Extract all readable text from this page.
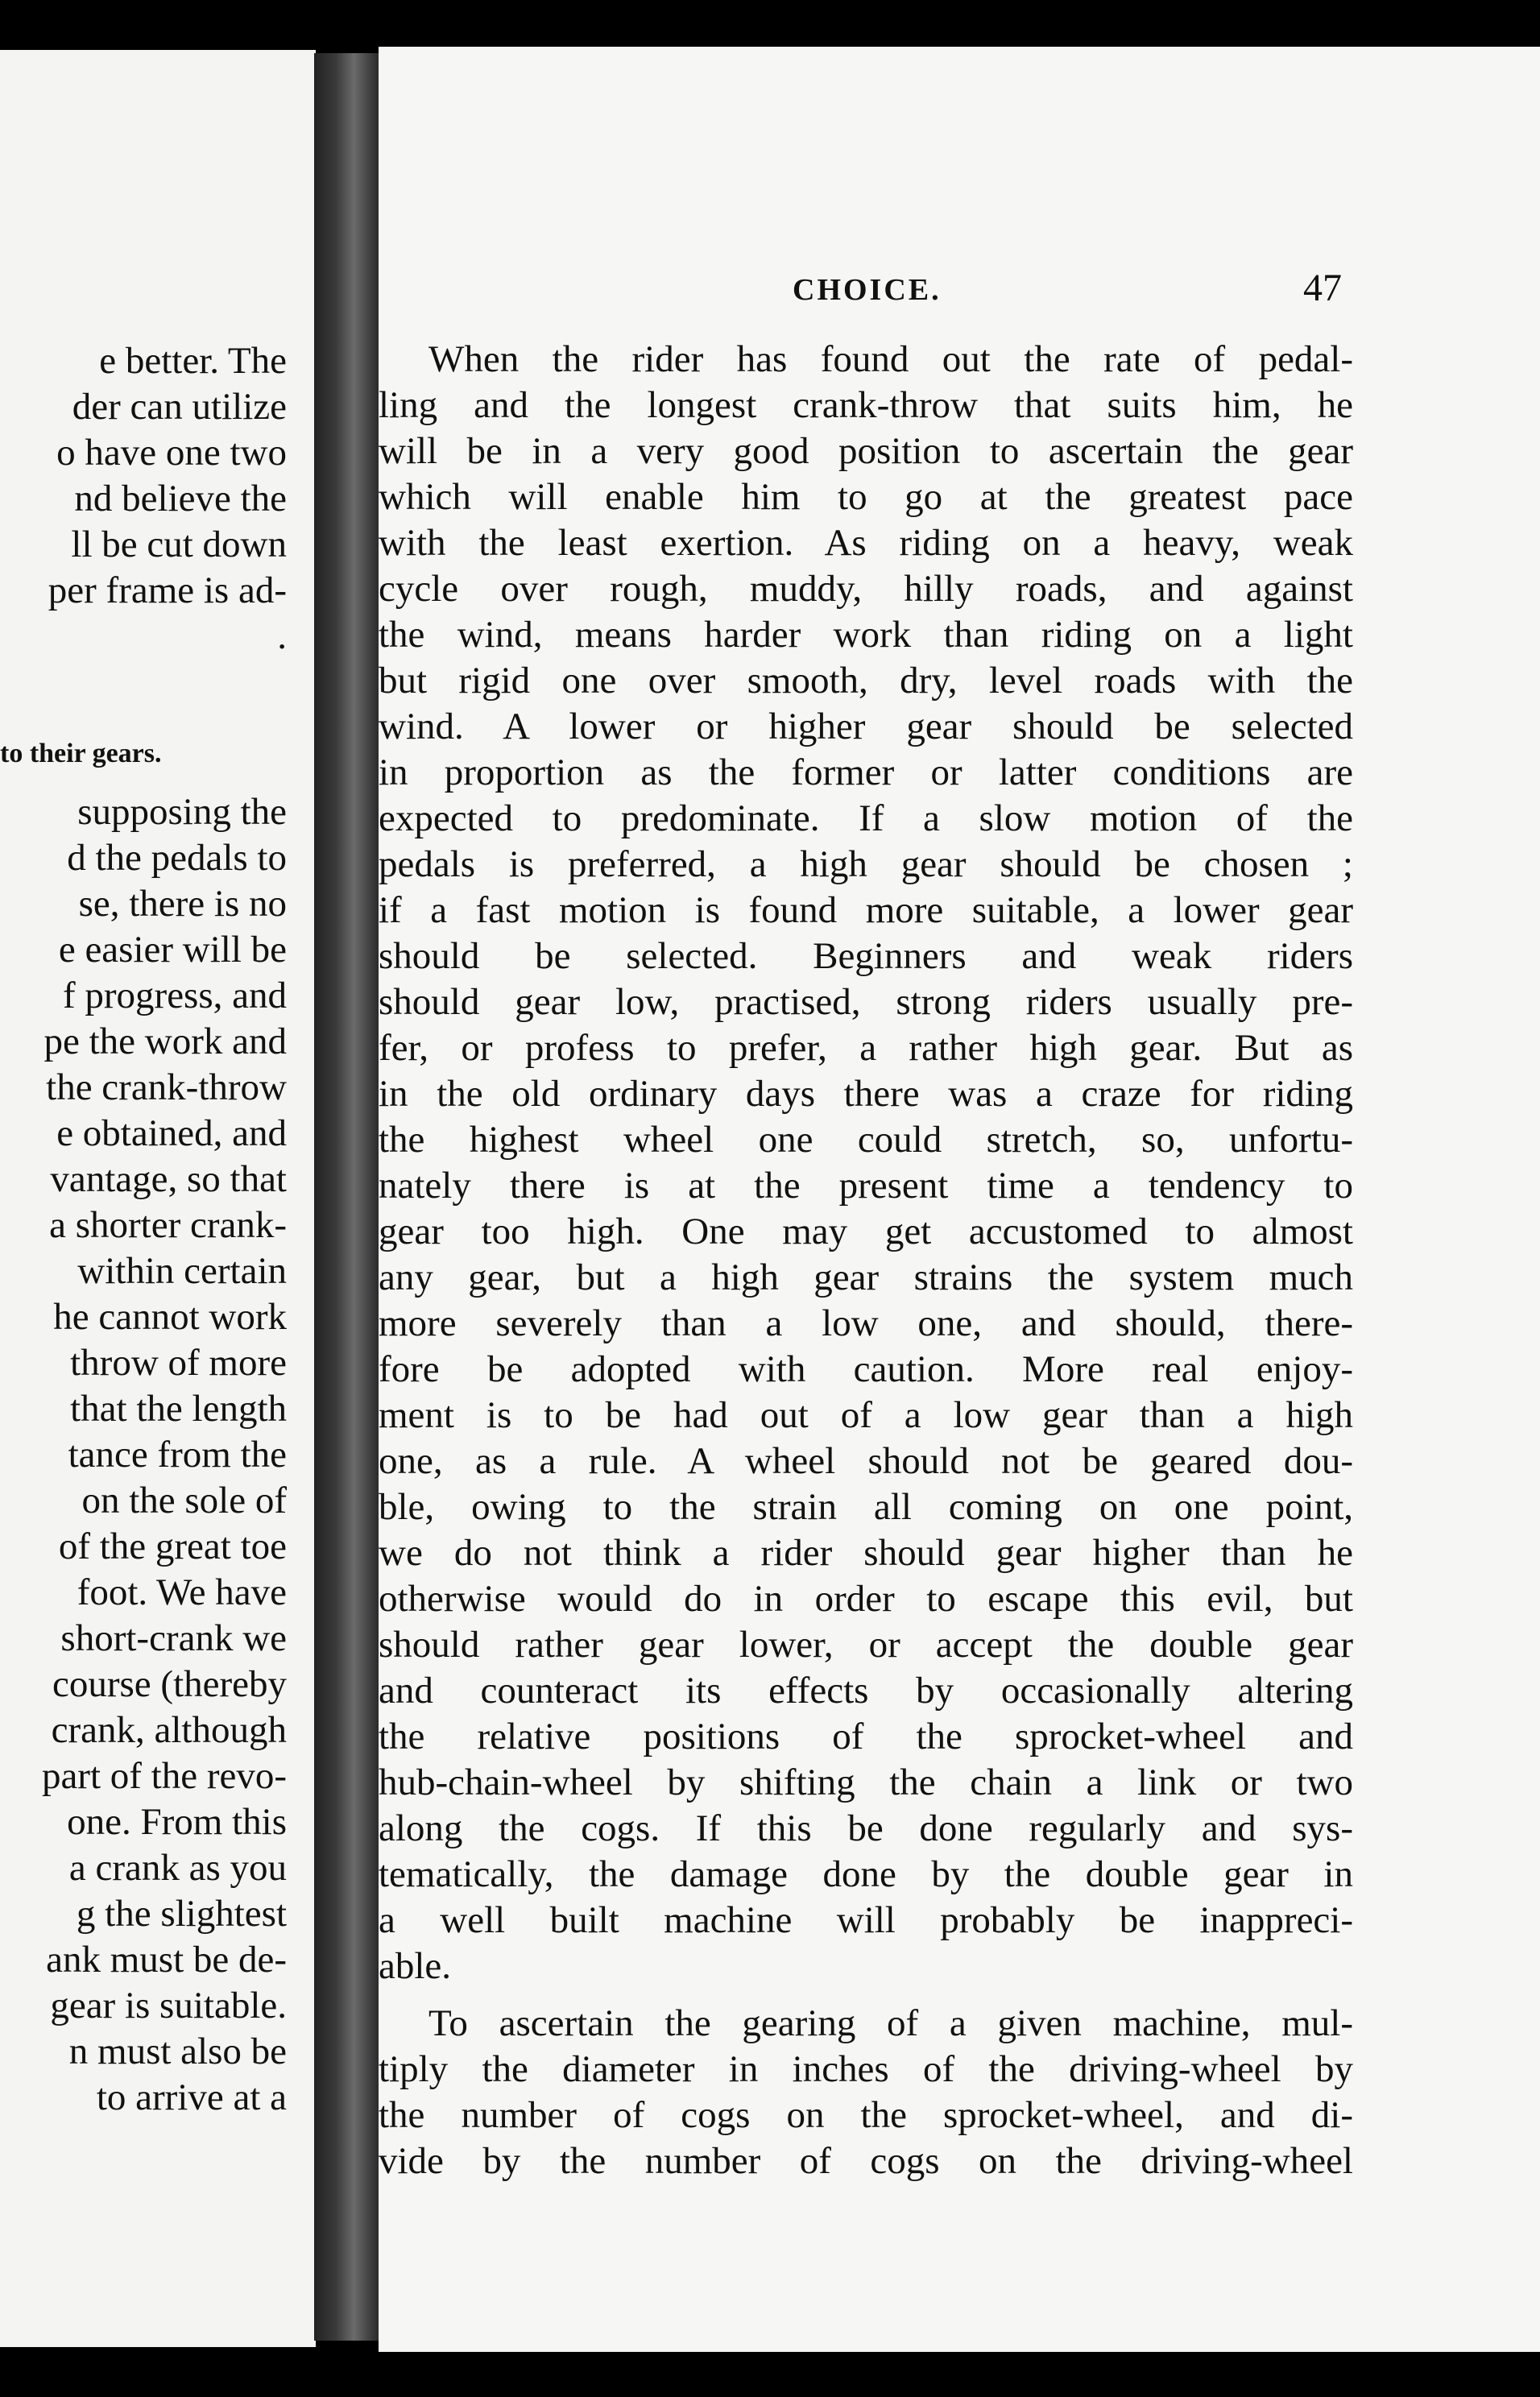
e better. The
der can utilize
o have one two
nd believe the
ll be cut down
per frame is ad-
.
to their gears.
supposing the
d the pedals to
se, there is no
e easier will be
f progress, and
pe the work and
the crank-throw
e obtained, and
vantage, so that
a shorter crank-
within certain
he cannot work
throw of more
that the length
tance from the
on the sole of
of the great toe
foot. We have
short-crank we
course (thereby
crank, although
part of the revo-
one. From this
a crank as you
g the slightest
ank must be de-
gear is suitable.
n must also be
to arrive at a
CHOICE.	47
When the rider has found out the rate of pedal-
ling and the longest crank-throw that suits him, he
will be in a very good position to ascertain the gear
which will enable him to go at the greatest pace
with the least exertion. As riding on a heavy, weak
cycle over rough, muddy, hilly roads, and against
the wind, means harder work than riding on a light
but rigid one over smooth, dry, level roads with the
wind. A lower or higher gear should be selected
in proportion as the former or latter conditions are
expected to predominate. If a slow motion of the
pedals is preferred, a high gear should be chosen ;
if a fast motion is found more suitable, a lower gear
should be selected. Beginners and weak riders
should gear low, practised, strong riders usually pre-
fer, or profess to prefer, a rather high gear. But as
in the old ordinary days there was a craze for riding
the highest wheel one could stretch, so, unfortu-
nately there is at the present time a tendency to
gear too high. One may get accustomed to almost
any gear, but a high gear strains the system much
more severely than a low one, and should, there-
fore be adopted with caution. More real enjoy-
ment is to be had out of a low gear than a high
one, as a rule. A wheel should not be geared dou-
ble, owing to the strain all coming on one point,
we do not think a rider should gear higher than he
otherwise would do in order to escape this evil, but
should rather gear lower, or accept the double gear
and counteract its effects by occasionally altering
the relative positions of the sprocket-wheel and
hub-chain-wheel by shifting the chain a link or two
along the cogs. If this be done regularly and sys-
tematically, the damage done by the double gear in
a well built machine will probably be inappreci-
able.
To ascertain the gearing of a given machine, mul-
tiply the diameter in inches of the driving-wheel by
the number of cogs on the sprocket-wheel, and di-
vide by the number of cogs on the driving-wheel
